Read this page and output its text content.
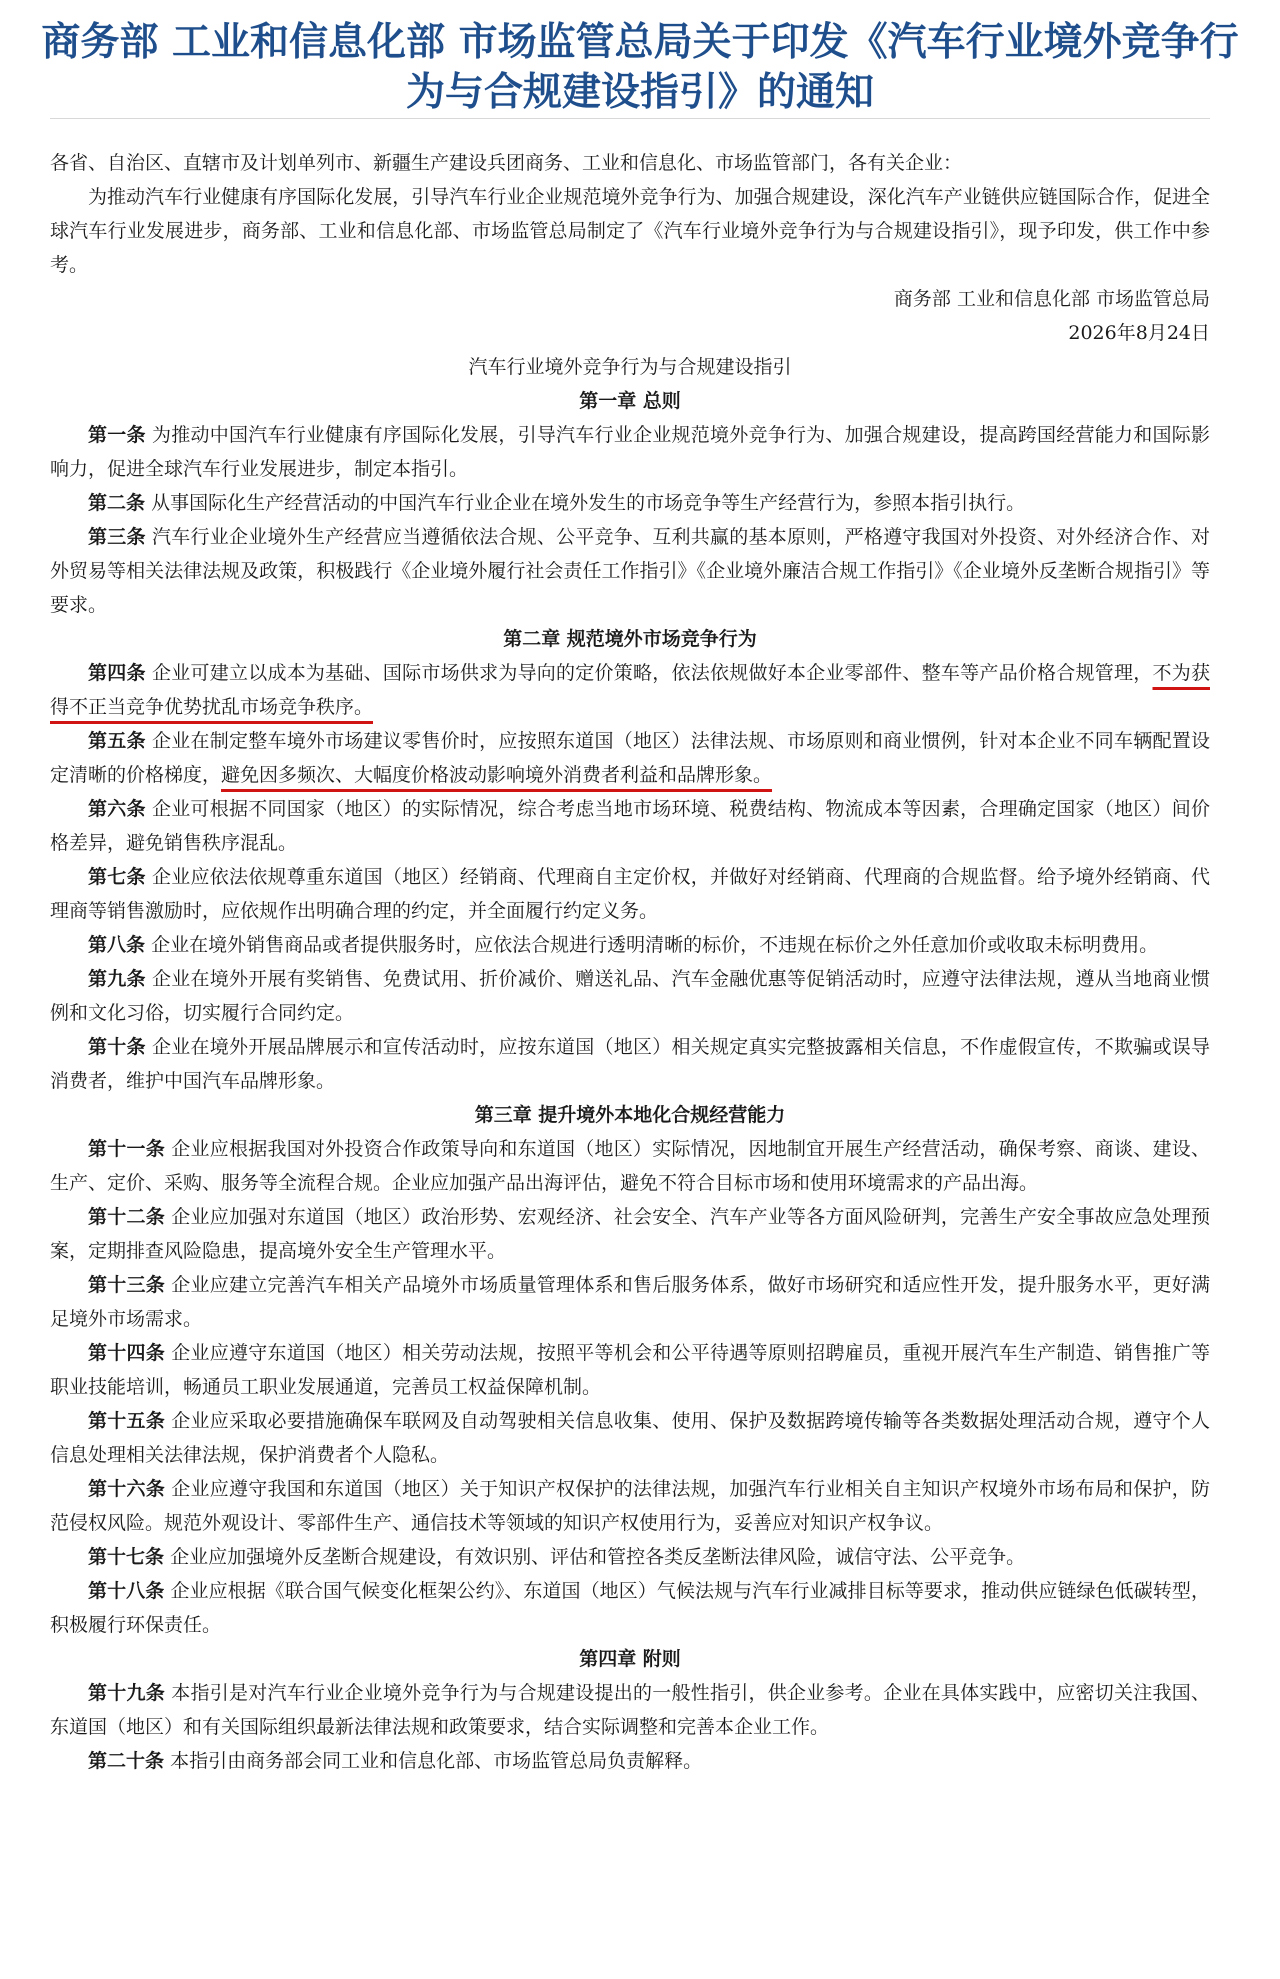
商务部 工业和信息化部 市场监管总局关于印发《汽车行业境外竞争行为与合规建设指引》的通知

各省、自治区、直辖市及计划单列市、新疆生产建设兵团商务、工业和信息化、市场监管部门，各有关企业：

为推动汽车行业健康有序国际化发展，引导汽车行业企业规范境外竞争行为、加强合规建设，深化汽车产业链供应链国际合作，促进全球汽车行业发展进步，商务部、工业和信息化部、市场监管总局制定了《汽车行业境外竞争行为与合规建设指引》，现予印发，供工作中参考。

商务部 工业和信息化部 市场监管总局

2026年8月24日

汽车行业境外竞争行为与合规建设指引

第一章 总则

第一条 为推动中国汽车行业健康有序国际化发展，引导汽车行业企业规范境外竞争行为、加强合规建设，提高跨国经营能力和国际影响力，促进全球汽车行业发展进步，制定本指引。

第二条 从事国际化生产经营活动的中国汽车行业企业在境外发生的市场竞争等生产经营行为，参照本指引执行。

第三条 汽车行业企业境外生产经营应当遵循依法合规、公平竞争、互利共赢的基本原则，严格遵守我国对外投资、对外经济合作、对外贸易等相关法律法规及政策，积极践行《企业境外履行社会责任工作指引》《企业境外廉洁合规工作指引》《企业境外反垄断合规指引》等要求。

第二章 规范境外市场竞争行为

第四条 企业可建立以成本为基础、国际市场供求为导向的定价策略，依法依规做好本企业零部件、整车等产品价格合规管理，不为获得不正当竞争优势扰乱市场竞争秩序。

第五条 企业在制定整车境外市场建议零售价时，应按照东道国（地区）法律法规、市场原则和商业惯例，针对本企业不同车辆配置设定清晰的价格梯度，避免因多频次、大幅度价格波动影响境外消费者利益和品牌形象。

第六条 企业可根据不同国家（地区）的实际情况，综合考虑当地市场环境、税费结构、物流成本等因素，合理确定国家（地区）间价格差异，避免销售秩序混乱。

第七条 企业应依法依规尊重东道国（地区）经销商、代理商自主定价权，并做好对经销商、代理商的合规监督。给予境外经销商、代理商等销售激励时，应依规作出明确合理的约定，并全面履行约定义务。

第八条 企业在境外销售商品或者提供服务时，应依法合规进行透明清晰的标价，不违规在标价之外任意加价或收取未标明费用。

第九条 企业在境外开展有奖销售、免费试用、折价减价、赠送礼品、汽车金融优惠等促销活动时，应遵守法律法规，遵从当地商业惯例和文化习俗，切实履行合同约定。

第十条 企业在境外开展品牌展示和宣传活动时，应按东道国（地区）相关规定真实完整披露相关信息，不作虚假宣传，不欺骗或误导消费者，维护中国汽车品牌形象。

第三章 提升境外本地化合规经营能力

第十一条 企业应根据我国对外投资合作政策导向和东道国（地区）实际情况，因地制宜开展生产经营活动，确保考察、商谈、建设、生产、定价、采购、服务等全流程合规。企业应加强产品出海评估，避免不符合目标市场和使用环境需求的产品出海。

第十二条 企业应加强对东道国（地区）政治形势、宏观经济、社会安全、汽车产业等各方面风险研判，完善生产安全事故应急处理预案，定期排查风险隐患，提高境外安全生产管理水平。

第十三条 企业应建立完善汽车相关产品境外市场质量管理体系和售后服务体系，做好市场研究和适应性开发，提升服务水平，更好满足境外市场需求。

第十四条 企业应遵守东道国（地区）相关劳动法规，按照平等机会和公平待遇等原则招聘雇员，重视开展汽车生产制造、销售推广等职业技能培训，畅通员工职业发展通道，完善员工权益保障机制。

第十五条 企业应采取必要措施确保车联网及自动驾驶相关信息收集、使用、保护及数据跨境传输等各类数据处理活动合规，遵守个人信息处理相关法律法规，保护消费者个人隐私。

第十六条 企业应遵守我国和东道国（地区）关于知识产权保护的法律法规，加强汽车行业相关自主知识产权境外市场布局和保护，防范侵权风险。规范外观设计、零部件生产、通信技术等领域的知识产权使用行为，妥善应对知识产权争议。

第十七条 企业应加强境外反垄断合规建设，有效识别、评估和管控各类反垄断法律风险，诚信守法、公平竞争。

第十八条 企业应根据《联合国气候变化框架公约》、东道国（地区）气候法规与汽车行业减排目标等要求，推动供应链绿色低碳转型，积极履行环保责任。

第四章 附则

第十九条 本指引是对汽车行业企业境外竞争行为与合规建设提出的一般性指引，供企业参考。企业在具体实践中，应密切关注我国、东道国（地区）和有关国际组织最新法律法规和政策要求，结合实际调整和完善本企业工作。

第二十条 本指引由商务部会同工业和信息化部、市场监管总局负责解释。
